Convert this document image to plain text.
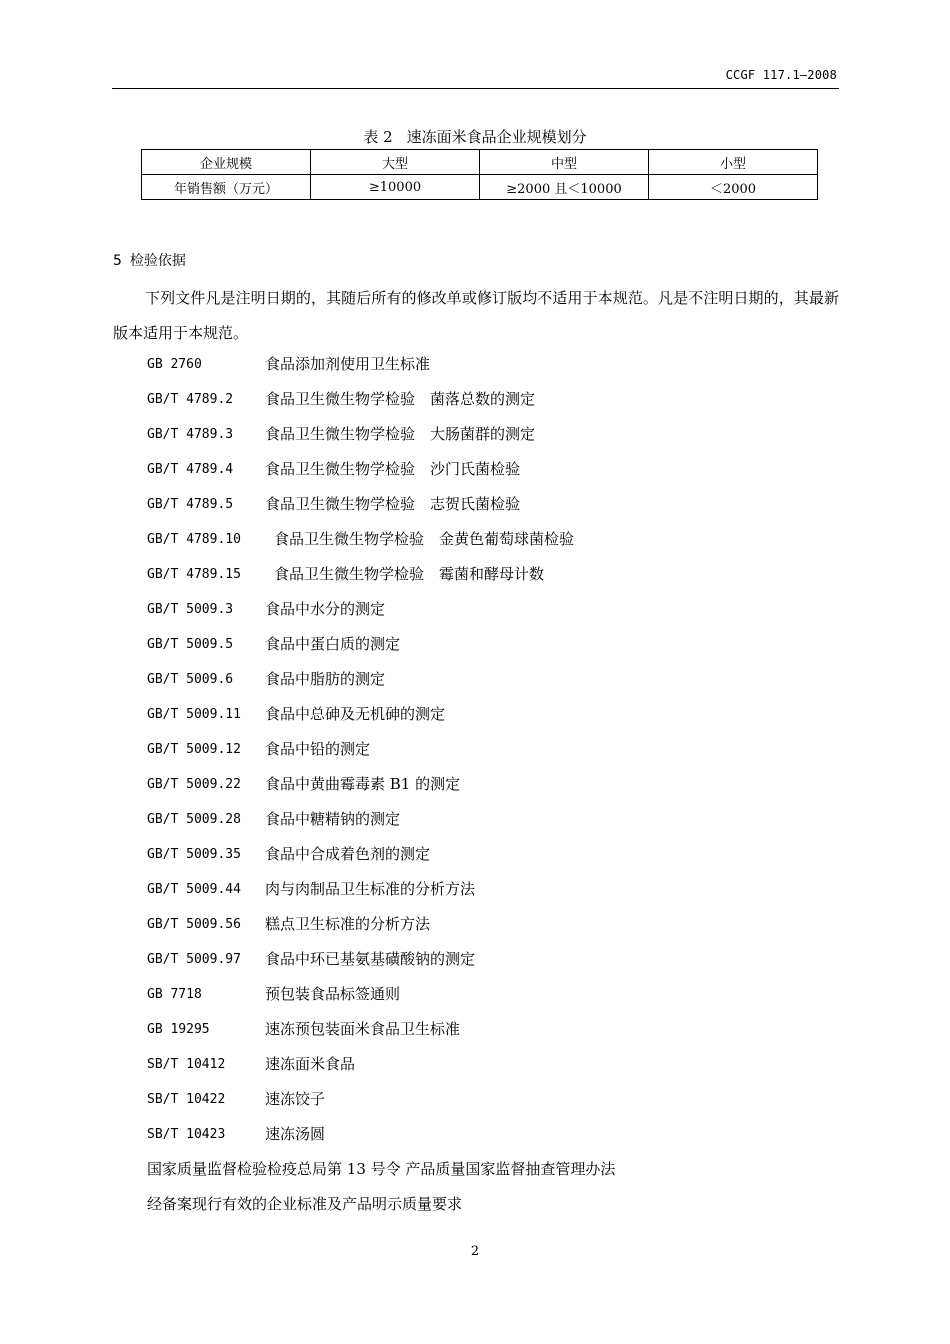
CCGF 117.1—2008
表 2 速冻面米食品企业规模划分
企业规模	大型	中型	小型
年销售额（万元）	≥10000	≥2000 且＜10000	＜2000
5 检验依据

下列文件凡是注明日期的，其随后所有的修改单或修订版均不适用于本规范。凡是不注明日期的，其最新版本适用于本规范。

GB 2760	食品添加剂使用卫生标准
GB/T 4789.2 食品卫生微生物学检验　菌落总数的测定
GB/T 4789.3 食品卫生微生物学检验　大肠菌群的测定
GB/T 4789.4 食品卫生微生物学检验　沙门氏菌检验
GB/T 4789.5 食品卫生微生物学检验　志贺氏菌检验
GB/T 4789.10 食品卫生微生物学检验　金黄色葡萄球菌检验
GB/T 4789.15 食品卫生微生物学检验　霉菌和酵母计数
GB/T 5009.3 食品中水分的测定
GB/T 5009.5 食品中蛋白质的测定
GB/T 5009.6 食品中脂肪的测定
GB/T 5009.11 食品中总砷及无机砷的测定
GB/T 5009.12 食品中铅的测定
GB/T 5009.22 食品中黄曲霉毒素 B1 的测定
GB/T 5009.28 食品中糖精钠的测定
GB/T 5009.35 食品中合成着色剂的测定
GB/T 5009.44 肉与肉制品卫生标准的分析方法
GB/T 5009.56 糕点卫生标准的分析方法
GB/T 5009.97 食品中环已基氨基磺酸钠的测定
GB 7718	预包装食品标签通则
GB 19295	速冻预包装面米食品卫生标准
SB/T 10412	速冻面米食品
SB/T 10422	速冻饺子
SB/T 10423	速冻汤圆
国家质量监督检验检疫总局第 13 号令 产品质量国家监督抽查管理办法
经备案现行有效的企业标准及产品明示质量要求
2
